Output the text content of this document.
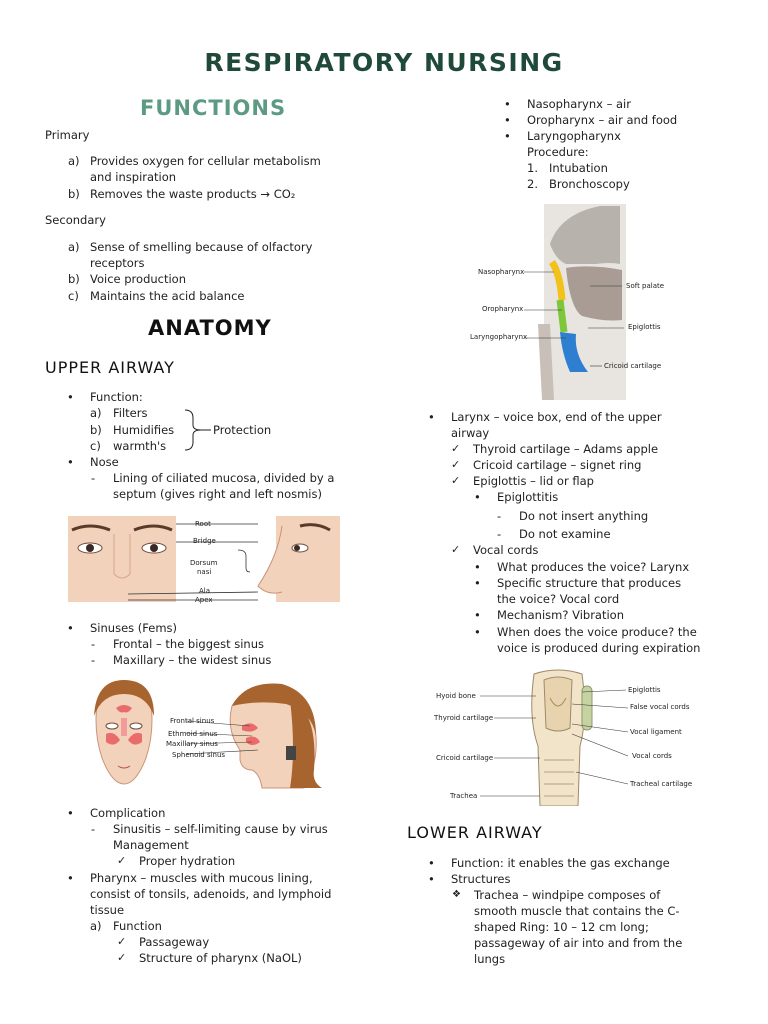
RESPIRATORY NURSING
FUNCTIONS
Primary
a) Provides oxygen for cellular metabolism
and inspiration
b) Removes the waste products → CO₂
Secondary
a) Sense of smelling because of olfactory
receptors
b) Voice production
c) Maintains the acid balance
ANATOMY
UPPER AIRWAY
• Function:
a) Filters
b) Humidifies
c) warmth's
Protection
• Nose
- Lining of ciliated mucosa, divided by a
septum (gives right and left nosmis)
Root
Bridge
Dorsum
nasi
Ala
Apex
• Sinuses (Fems)
- Frontal – the biggest sinus
- Maxillary – the widest sinus
Frontal sinus
Ethmoid sinus
Maxillary sinus
Sphenoid sinus
• Complication
- Sinusitis – self-limiting cause by virus
Management
✓ Proper hydration
• Pharynx – muscles with mucous lining,
consist of tonsils, adenoids, and lymphoid
tissue
a) Function
✓ Passageway
✓ Structure of pharynx (NaOL)
• Nasopharynx – air
• Oropharynx – air and food
• Laryngopharynx
Procedure:
1. Intubation
2. Bronchoscopy
Nasopharynx
Oropharynx
Laryngopharynx
Soft palate
Epiglottis
Cricoid cartilage
• Larynx – voice box, end of the upper
airway
✓ Thyroid cartilage – Adams apple
✓ Cricoid cartilage – signet ring
✓ Epiglottis – lid or flap
• Epiglottitis
- Do not insert anything
- Do not examine
✓ Vocal cords
• What produces the voice? Larynx
• Specific structure that produces
the voice? Vocal cord
• Mechanism? Vibration
• When does the voice produce? the
voice is produced during expiration
Hyoid bone
Thyroid cartilage
Cricoid cartilage
Trachea
Epiglottis
False vocal cords
Vocal ligament
Vocal cords
Tracheal cartilage
LOWER AIRWAY
• Function: it enables the gas exchange
• Structures
❖ Trachea – windpipe composes of
smooth muscle that contains the C-
shaped Ring: 10 – 12 cm long;
passageway of air into and from the
lungs
